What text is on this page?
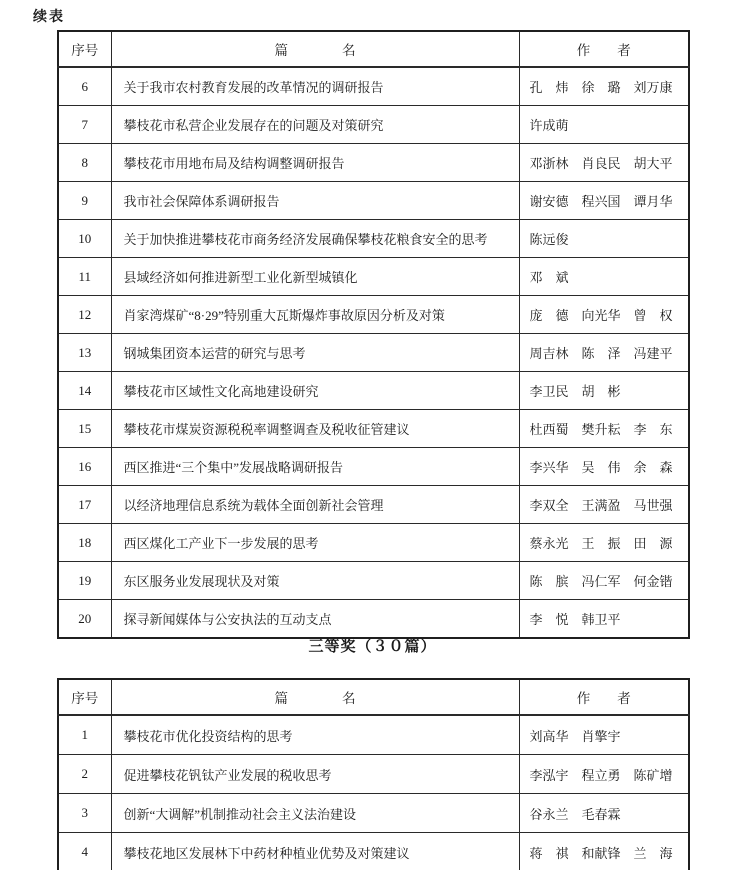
续表
序号	篇　　　　名	作　　者
6	关于我市农村教育发展的改革情况的调研报告	孔　炜　徐　璐　刘万康
7	攀枝花市私营企业发展存在的问题及对策研究	许成萌
8	攀枝花市用地布局及结构调整调研报告	邓浙林　肖良民　胡大平
9	我市社会保障体系调研报告	谢安德　程兴国　谭月华
10	关于加快推进攀枝花市商务经济发展确保攀枝花粮食安全的思考	陈远俊
11	县域经济如何推进新型工业化新型城镇化	邓　斌
12	肖家湾煤矿“8·29”特别重大瓦斯爆炸事故原因分析及对策	庞　德　向光华　曾　权
13	钢城集团资本运营的研究与思考	周吉林　陈　泽　冯建平
14	攀枝花市区域性文化高地建设研究	李卫民　胡　彬
15	攀枝花市煤炭资源税税率调整调查及税收征管建议	杜西蜀　樊升耘　李　东
16	西区推进“三个集中”发展战略调研报告	李兴华　吴　伟　余　森
17	以经济地理信息系统为载体全面创新社会管理	李双全　王满盈　马世强
18	西区煤化工产业下一步发展的思考	蔡永光　王　振　田　源
19	东区服务业发展现状及对策	陈　膑　冯仁军　何金锴
20	探寻新闻媒体与公安执法的互动支点	李　悦　韩卫平
三等奖（３０篇）
序号	篇　　　　名	作　　者
1	攀枝花市优化投资结构的思考	刘高华　肖擎宇
2	促进攀枝花钒钛产业发展的税收思考	李泓宇　程立勇　陈矿增
3	创新“大调解”机制推动社会主义法治建设	谷永兰　毛春霖
4	攀枝花地区发展林下中药材种植业优势及对策建议	蒋　祺　和献锋　兰　海
